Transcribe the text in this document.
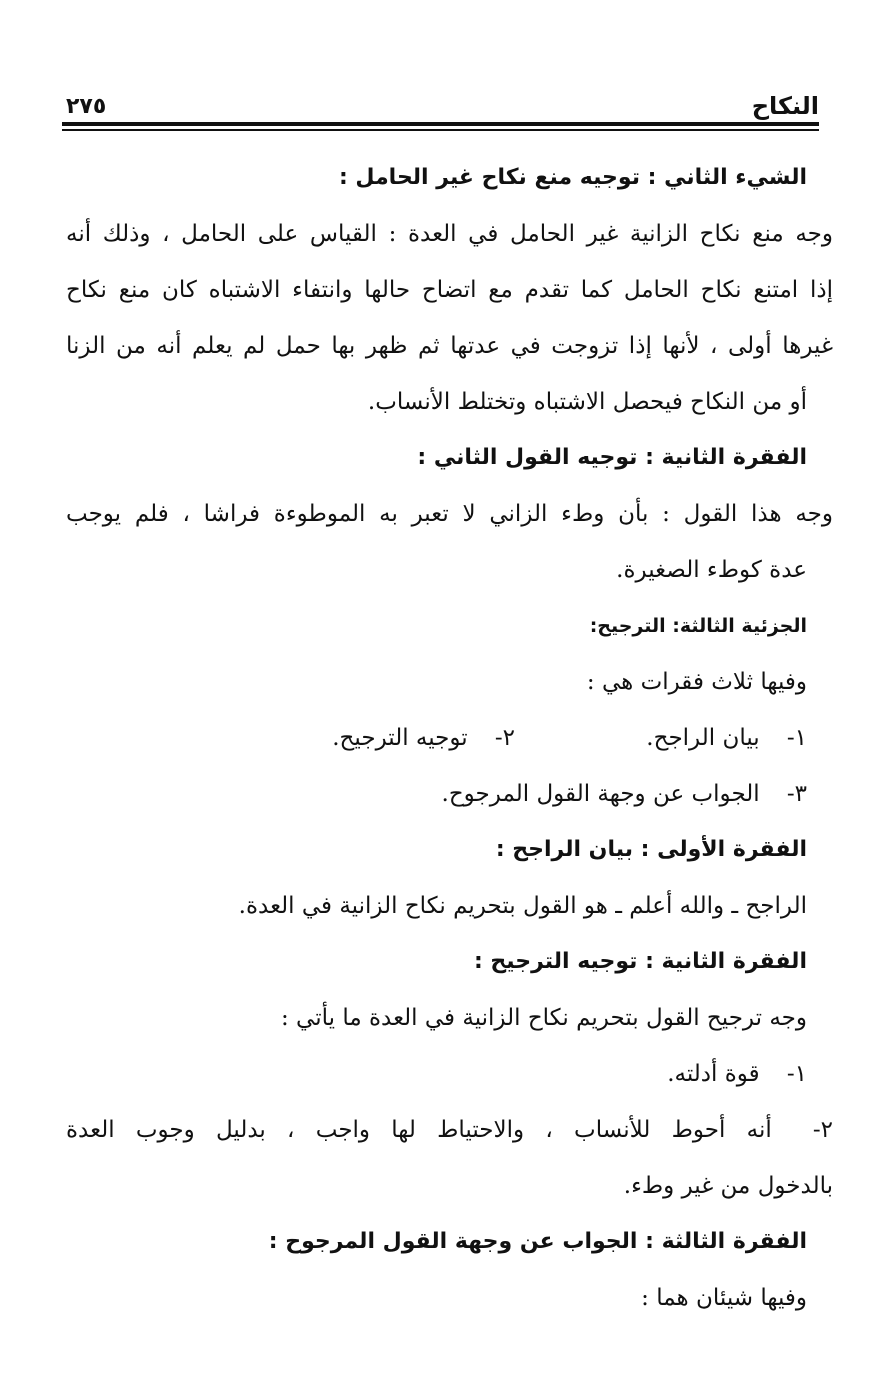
النكاح
٢٧٥
الشيء الثاني : توجيه منع نكاح غير الحامل :
وجه منع نكاح الزانية غير الحامل في العدة : القياس على الحامل ، وذلك أنه
إذا امتنع نكاح الحامل كما تقدم مع اتضاح حالها وانتفاء الاشتباه كان منع نكاح
غيرها أولى ، لأنها إذا تزوجت في عدتها ثم ظهر بها حمل لم يعلم أنه من الزنا
أو من النكاح فيحصل الاشتباه وتختلط الأنساب.
الفقرة الثانية : توجيه القول الثاني :
وجه هذا القول : بأن وطء الزاني لا تعبر به الموطوءة فراشا ، فلم يوجب
عدة كوطء الصغيرة.
الجزئية الثالثة: الترجيح:
وفيها ثلاث فقرات هي :
١- بيان الراجح.
٢- توجيه الترجيح.
٣- الجواب عن وجهة القول المرجوح.
الفقرة الأولى : بيان الراجح :
الراجح ـ والله أعلم ـ هو القول بتحريم نكاح الزانية في العدة.
الفقرة الثانية : توجيه الترجيح :
وجه ترجيح القول بتحريم نكاح الزانية في العدة ما يأتي :
١- قوة أدلته.
٢- أنه أحوط للأنساب ، والاحتياط لها واجب ، بدليل وجوب العدة
بالدخول من غير وطء.
الفقرة الثالثة : الجواب عن وجهة القول المرجوح :
وفيها شيئان هما :
